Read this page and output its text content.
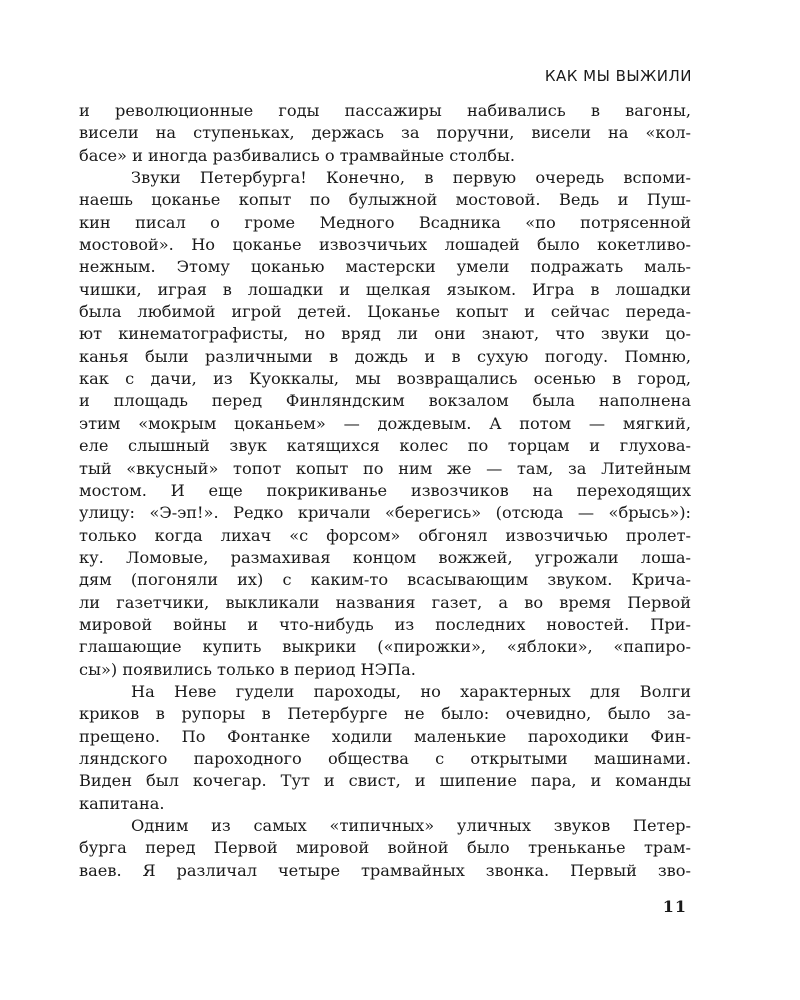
КАК МЫ ВЫЖИЛИ
и революционные годы пассажиры набивались в вагоны,
висели на ступеньках, держась за поручни, висели на «кол-
басе» и иногда разбивались о трамвайные столбы.
Звуки Петербурга! Конечно, в первую очередь вспоми-
наешь цоканье копыт по булыжной мостовой. Ведь и Пуш-
кин писал о громе Медного Всадника «по потрясенной
мостовой». Но цоканье извозчичьих лошадей было кокетливо-
нежным. Этому цоканью мастерски умели подражать маль-
чишки, играя в лошадки и щелкая языком. Игра в лошадки
была любимой игрой детей. Цоканье копыт и сейчас переда-
ют кинематографисты, но вряд ли они знают, что звуки цо-
канья были различными в дождь и в сухую погоду. Помню,
как с дачи, из Куоккалы, мы возвращались осенью в город,
и площадь перед Финляндским вокзалом была наполнена
этим «мокрым цоканьем» — дождевым. А потом — мягкий,
еле слышный звук катящихся колес по торцам и глухова-
тый «вкусный» топот копыт по ним же — там, за Литейным
мостом. И еще покрикиванье извозчиков на переходящих
улицу: «Э-эп!». Редко кричали «берегись» (отсюда — «брысь»):
только когда лихач «с форсом» обгонял извозчичью пролет-
ку. Ломовые, размахивая концом вожжей, угрожали лоша-
дям (погоняли их) с каким-то всасывающим звуком. Крича-
ли газетчики, выкликали названия газет, а во время Первой
мировой войны и что-нибудь из последних новостей. При-
глашающие купить выкрики («пирожки», «яблоки», «папиро-
сы») появились только в период НЭПа.
На Неве гудели пароходы, но характерных для Волги
криков в рупоры в Петербурге не было: очевидно, было за-
прещено. По Фонтанке ходили маленькие пароходики Фин-
ляндского пароходного общества с открытыми машинами.
Виден был кочегар. Тут и свист, и шипение пара, и команды
капитана.
Одним из самых «типичных» уличных звуков Петер-
бурга перед Первой мировой войной было треньканье трам-
ваев. Я различал четыре трамвайных звонка. Первый зво-
11
